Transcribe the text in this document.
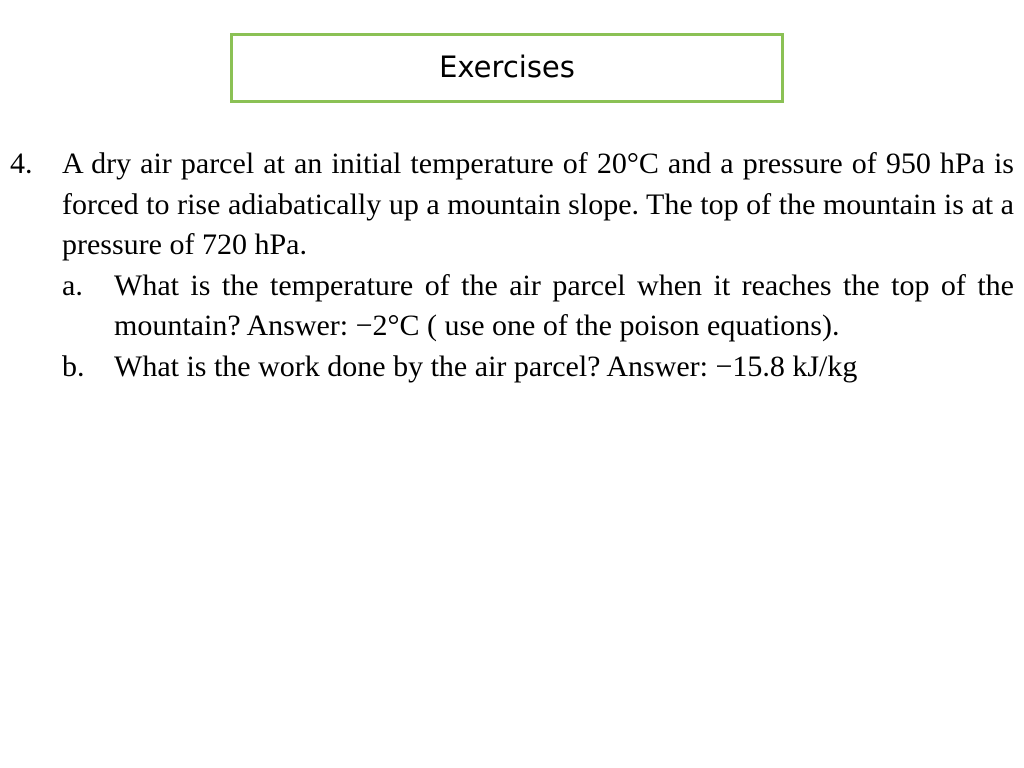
Exercises
4. A dry air parcel at an initial temperature of 20°C and a pressure of 950 hPa is forced to rise adiabatically up a mountain slope. The top of the mountain is at a pressure of 720 hPa.
a.	What is the temperature of the air parcel when it reaches the top of the mountain? Answer: −2°C ( use one of the poison equations).
b. What is the work done by the air parcel? Answer: −15.8 kJ/kg
